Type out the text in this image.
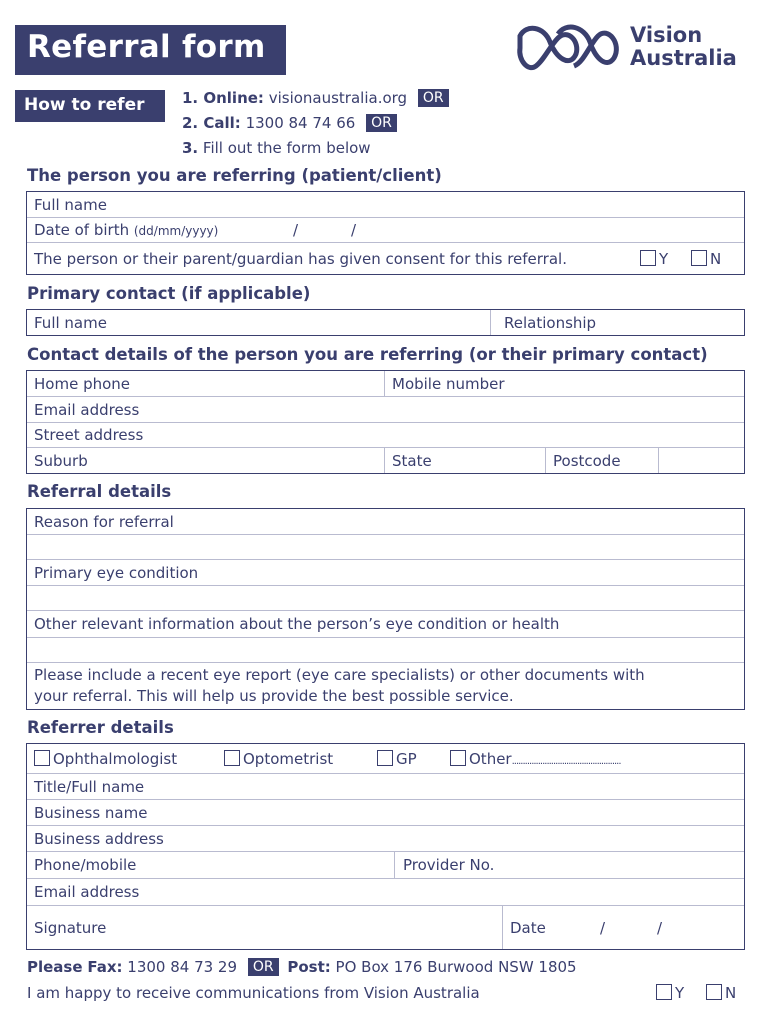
Referral form	Vision
Australia
How to refer	1. Online: visionaustralia.org OR
2. Call: 1300 84 74 66 OR
3. Fill out the form below
The person you are referring (patient/client)
Full name
Date of birth (dd/mm/yyyy)	/	/
The person or their parent/guardian has given consent for this referral.	Y	N
Primary contact (if applicable)
Full name	Relationship
Contact details of the person you are referring (or their primary contact)
Home phone	Mobile number
Email address
Street address
Suburb	State	Postcode
Referral details
Reason for referral
Primary eye condition
Other relevant information about the person’s eye condition or health
Please include a recent eye report (eye care specialists) or other documents with
your referral. This will help us provide the best possible service.
Referrer details
Ophthalmologist	Optometrist	GP	Other..................................................
Title/Full name
Business name
Business address
Phone/mobile	Provider No.
Email address
Signature	Date	/	/
Please Fax: 1300 84 73 29 OR Post: PO Box 176 Burwood NSW 1805
I am happy to receive communications from Vision Australia	Y	N
